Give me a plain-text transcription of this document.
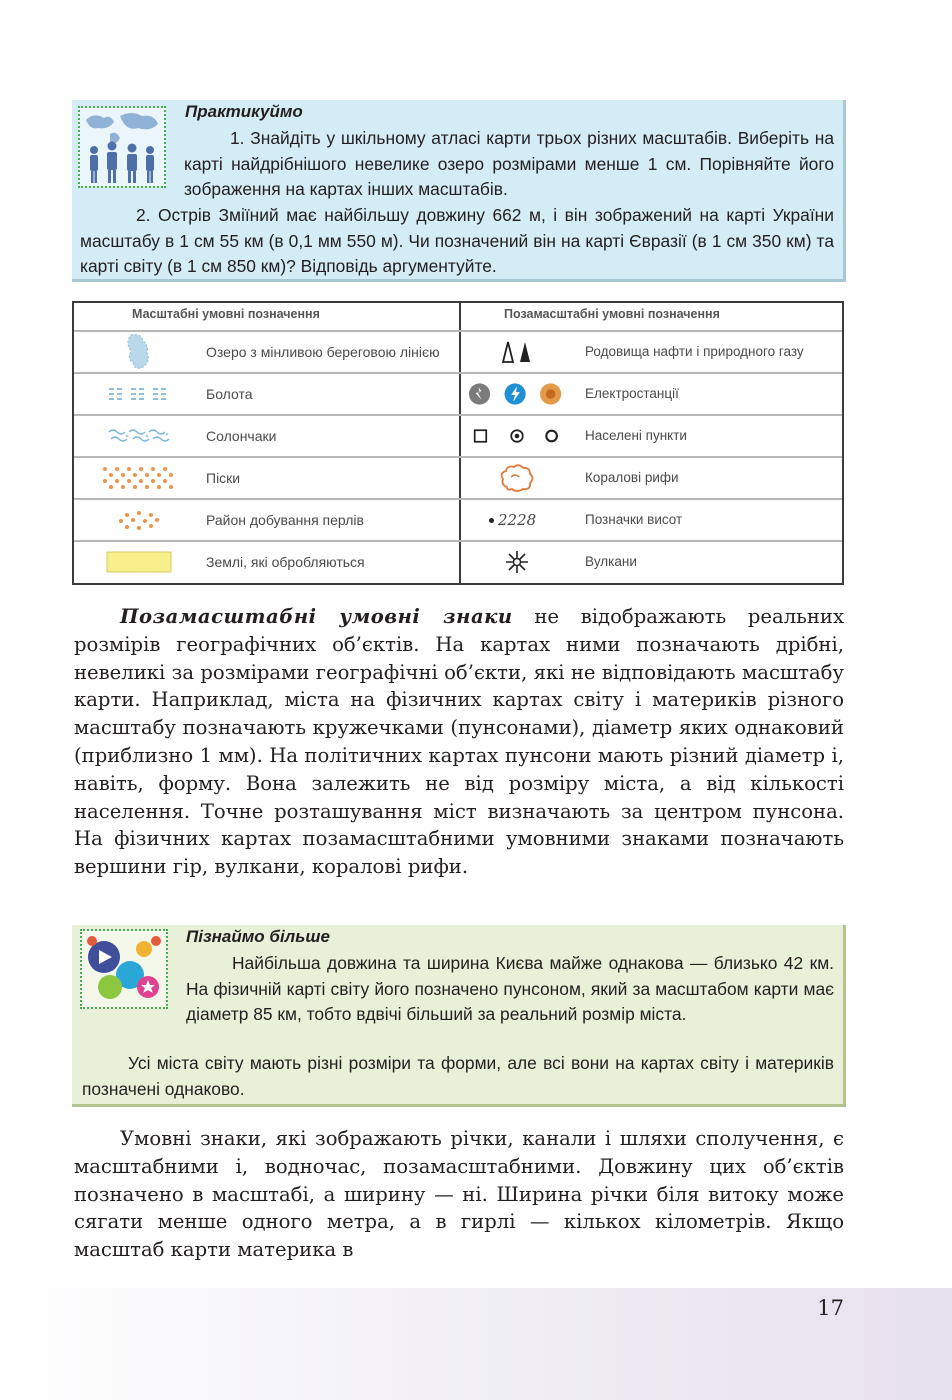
Практикуймо

1. Знайдіть у шкільному атласі карти трьох різних масштабів. Виберіть на карті найдрібнішого невелике озеро розмірами менше 1 см. Порівняйте його зображення на картах інших масштабів.

2. Острів Зміїний має найбільшу довжину 662 м, і він зображений на карті України масштабу в 1 см 55 км (в 0,1 мм 550 м). Чи позначений він на карті Євразії (в 1 см 350 км) та карті світу (в 1 см 850 км)? Відповідь аргументуйте.

Масштабні умовні позначення	Позамасштабні умовні позначення
Озеро з мінливою береговою лінією	Родовища нафти і природного газу
Болота	Електростанції
Солончаки	Населені пункти
Піски	Коралові рифи
Район добування перлів	2228	Позначки висот
Землі, які обробляються	Вулкани

Позамасштабні умовні знаки не відображають реальних розмірів географічних об’єктів. На картах ними позначають дрібні, невеликі за розмірами географічні об’єкти, які не відповідають масштабу карти. Наприклад, міста на фізичних картах світу і материків різного масштабу позначають кружечками (пунсонами), діаметр яких однаковий (приблизно 1 мм). На політичних картах пунсони мають різний діаметр і, навіть, форму. Вона залежить не від розміру міста, а від кількості населення. Точне розташування міст визначають за центром пунсона. На фізичних картах позамасштабними умовними знаками позначають вершини гір, вулкани, коралові рифи.

Пізнаймо більше

Найбільша довжина та ширина Києва майже однакова — близько 42 км. На фізичній карті світу його позначено пунсоном, який за масштабом карти має діаметр 85 км, тобто вдвічі більший за реальний розмір міста.

Усі міста світу мають різні розміри та форми, але всі вони на картах світу і материків позначені однаково.

Умовні знаки, які зображають річки, канали і шляхи сполучення, є масштабними і, водночас, позамасштабними. Довжину цих об’єктів позначено в масштабі, а ширину — ні. Ширина річки біля витоку може сягати менше одного метра, а в гирлі — кількох кілометрів. Якщо масштаб карти материка в

17
